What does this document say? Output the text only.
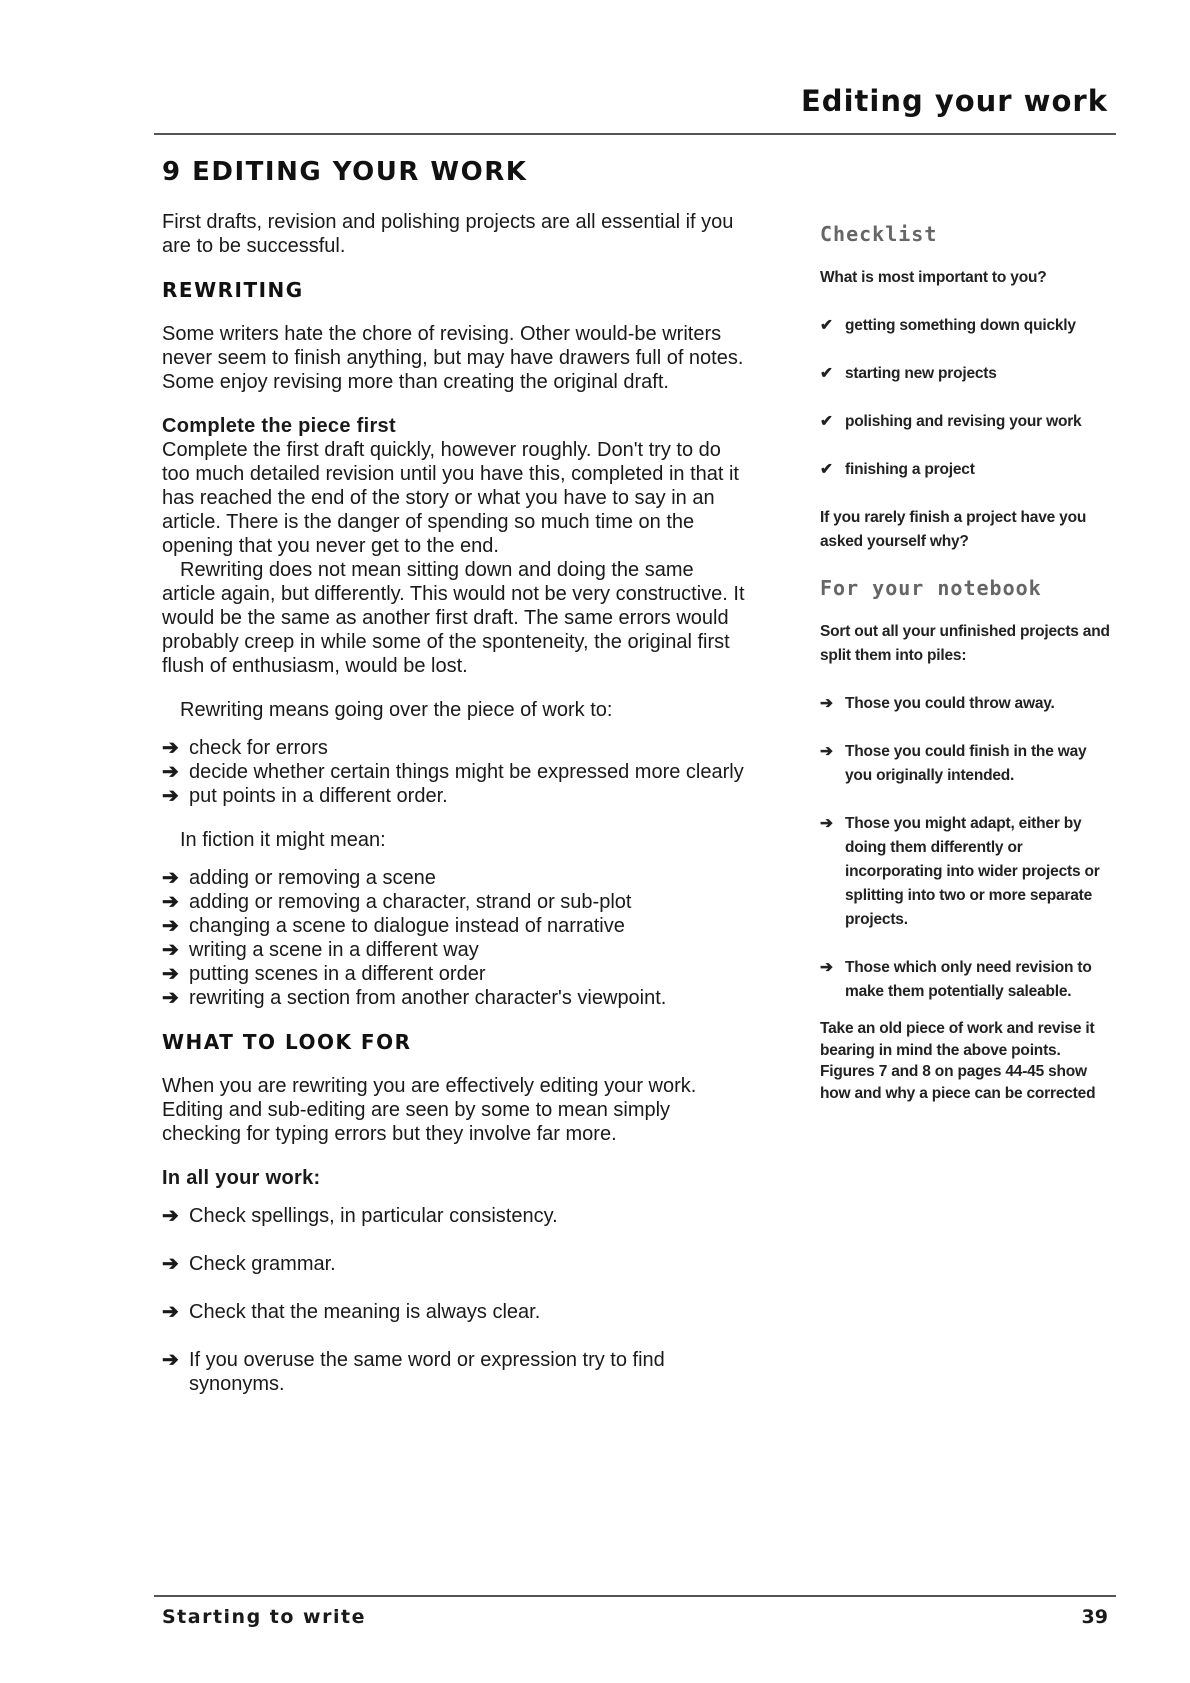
Editing your work
9 EDITING YOUR WORK

First drafts, revision and polishing projects are all essential if you are to be successful.

REWRITING

Some writers hate the chore of revising. Other would-be writers never seem to finish anything, but may have drawers full of notes. Some enjoy revising more than creating the original draft.

Complete the piece first

Complete the first draft quickly, however roughly. Don't try to do too much detailed revision until you have this, completed in that it has reached the end of the story or what you have to say in an article. There is the danger of spending so much time on the opening that you never get to the end.

Rewriting does not mean sitting down and doing the same article again, but differently. This would not be very constructive. It would be the same as another first draft. The same errors would probably creep in while some of the sponteneity, the original first flush of enthusiasm, would be lost.

Rewriting means going over the piece of work to:

➔ check for errors
➔ decide whether certain things might be expressed more clearly
➔ put points in a different order.

In fiction it might mean:

➔ adding or removing a scene
➔ adding or removing a character, strand or sub-plot
➔ changing a scene to dialogue instead of narrative
➔ writing a scene in a different way
➔ putting scenes in a different order
➔ rewriting a section from another character's viewpoint.
WHAT TO LOOK FOR

When you are rewriting you are effectively editing your work. Editing and sub-editing are seen by some to mean simply checking for typing errors but they involve far more.

In all your work:

➔ Check spellings, in particular consistency.
➔ Check grammar.
➔ Check that the meaning is always clear.
➔ If you overuse the same word or expression try to find synonyms.
Checklist

What is most important to you?

✔ getting something down quickly

✔ starting new projects

✔ polishing and revising your work

✔ finishing a project

If you rarely finish a project have you asked yourself why?

For your notebook

Sort out all your unfinished projects and split them into piles:

➔ Those you could throw away.

➔ Those you could finish in the way you originally intended.

➔ Those you might adapt, either by doing them differently or incorporating into wider projects or splitting into two or more separate projects.

➔ Those which only need revision to make them potentially saleable.

Take an old piece of work and revise it bearing in mind the above points. Figures 7 and 8 on pages 44-45 show how and why a piece can be corrected

Starting to write	39
